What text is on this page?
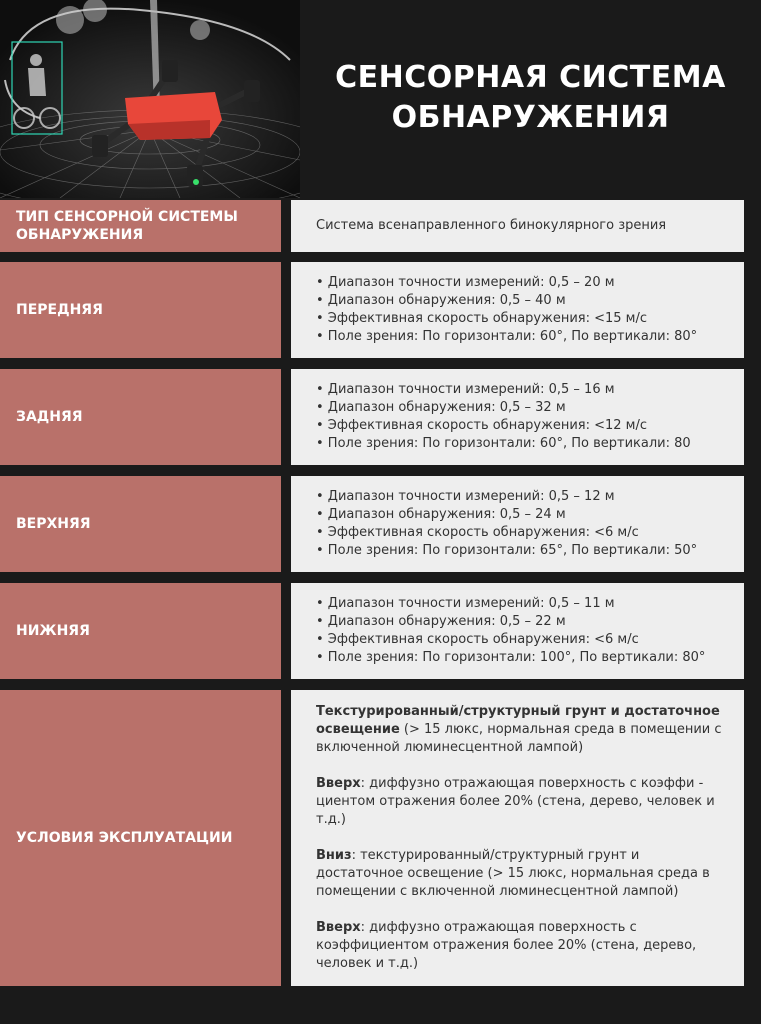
СЕНСОРНАЯ СИСТЕМА
ОБНАРУЖЕНИЯ
ТИП СЕНСОРНОЙ СИСТЕМЫ ОБНАРУЖЕНИЯ
Система всенаправленного бинокулярного зрения
ПЕРЕДНЯЯ
• Диапазон точности измерений: 0,5 – 20 м
• Диапазон обнаружения: 0,5 – 40 м
• Эффективная скорость обнаружения: <15 м/с
• Поле зрения: По горизонтали: 60°, По вертикали: 80°
ЗАДНЯЯ
• Диапазон точности измерений: 0,5 – 16 м
• Диапазон обнаружения: 0,5 – 32 м
• Эффективная скорость обнаружения: <12 м/с
• Поле зрения: По горизонтали: 60°, По вертикали: 80
ВЕРХНЯЯ
• Диапазон точности измерений: 0,5 – 12 м
• Диапазон обнаружения: 0,5 – 24 м
• Эффективная скорость обнаружения: <6 м/с
• Поле зрения: По горизонтали: 65°, По вертикали: 50°
НИЖНЯЯ
• Диапазон точности измерений: 0,5 – 11 м
• Диапазон обнаружения: 0,5 – 22 м
• Эффективная скорость обнаружения: <6 м/с
• Поле зрения: По горизонтали: 100°, По вертикали: 80°
УСЛОВИЯ ЭКСПЛУАТАЦИИ

Текстурированный/структурный грунт и достаточное освещение (> 15 люкс, нормальная среда в помещении с включенной люминесцентной лампой)

Вверх: диффузно отражающая поверхность с коэффи - циентом отражения более 20% (стена, дерево, человек и т.д.)

Вниз: текстурированный/структурный грунт и достаточное освещение (> 15 люкс, нормальная среда в помещении с включенной люминесцентной лампой)

Вверх: диффузно отражающая поверхность с коэффициентом отражения более 20% (стена, дерево, человек и т.д.)
